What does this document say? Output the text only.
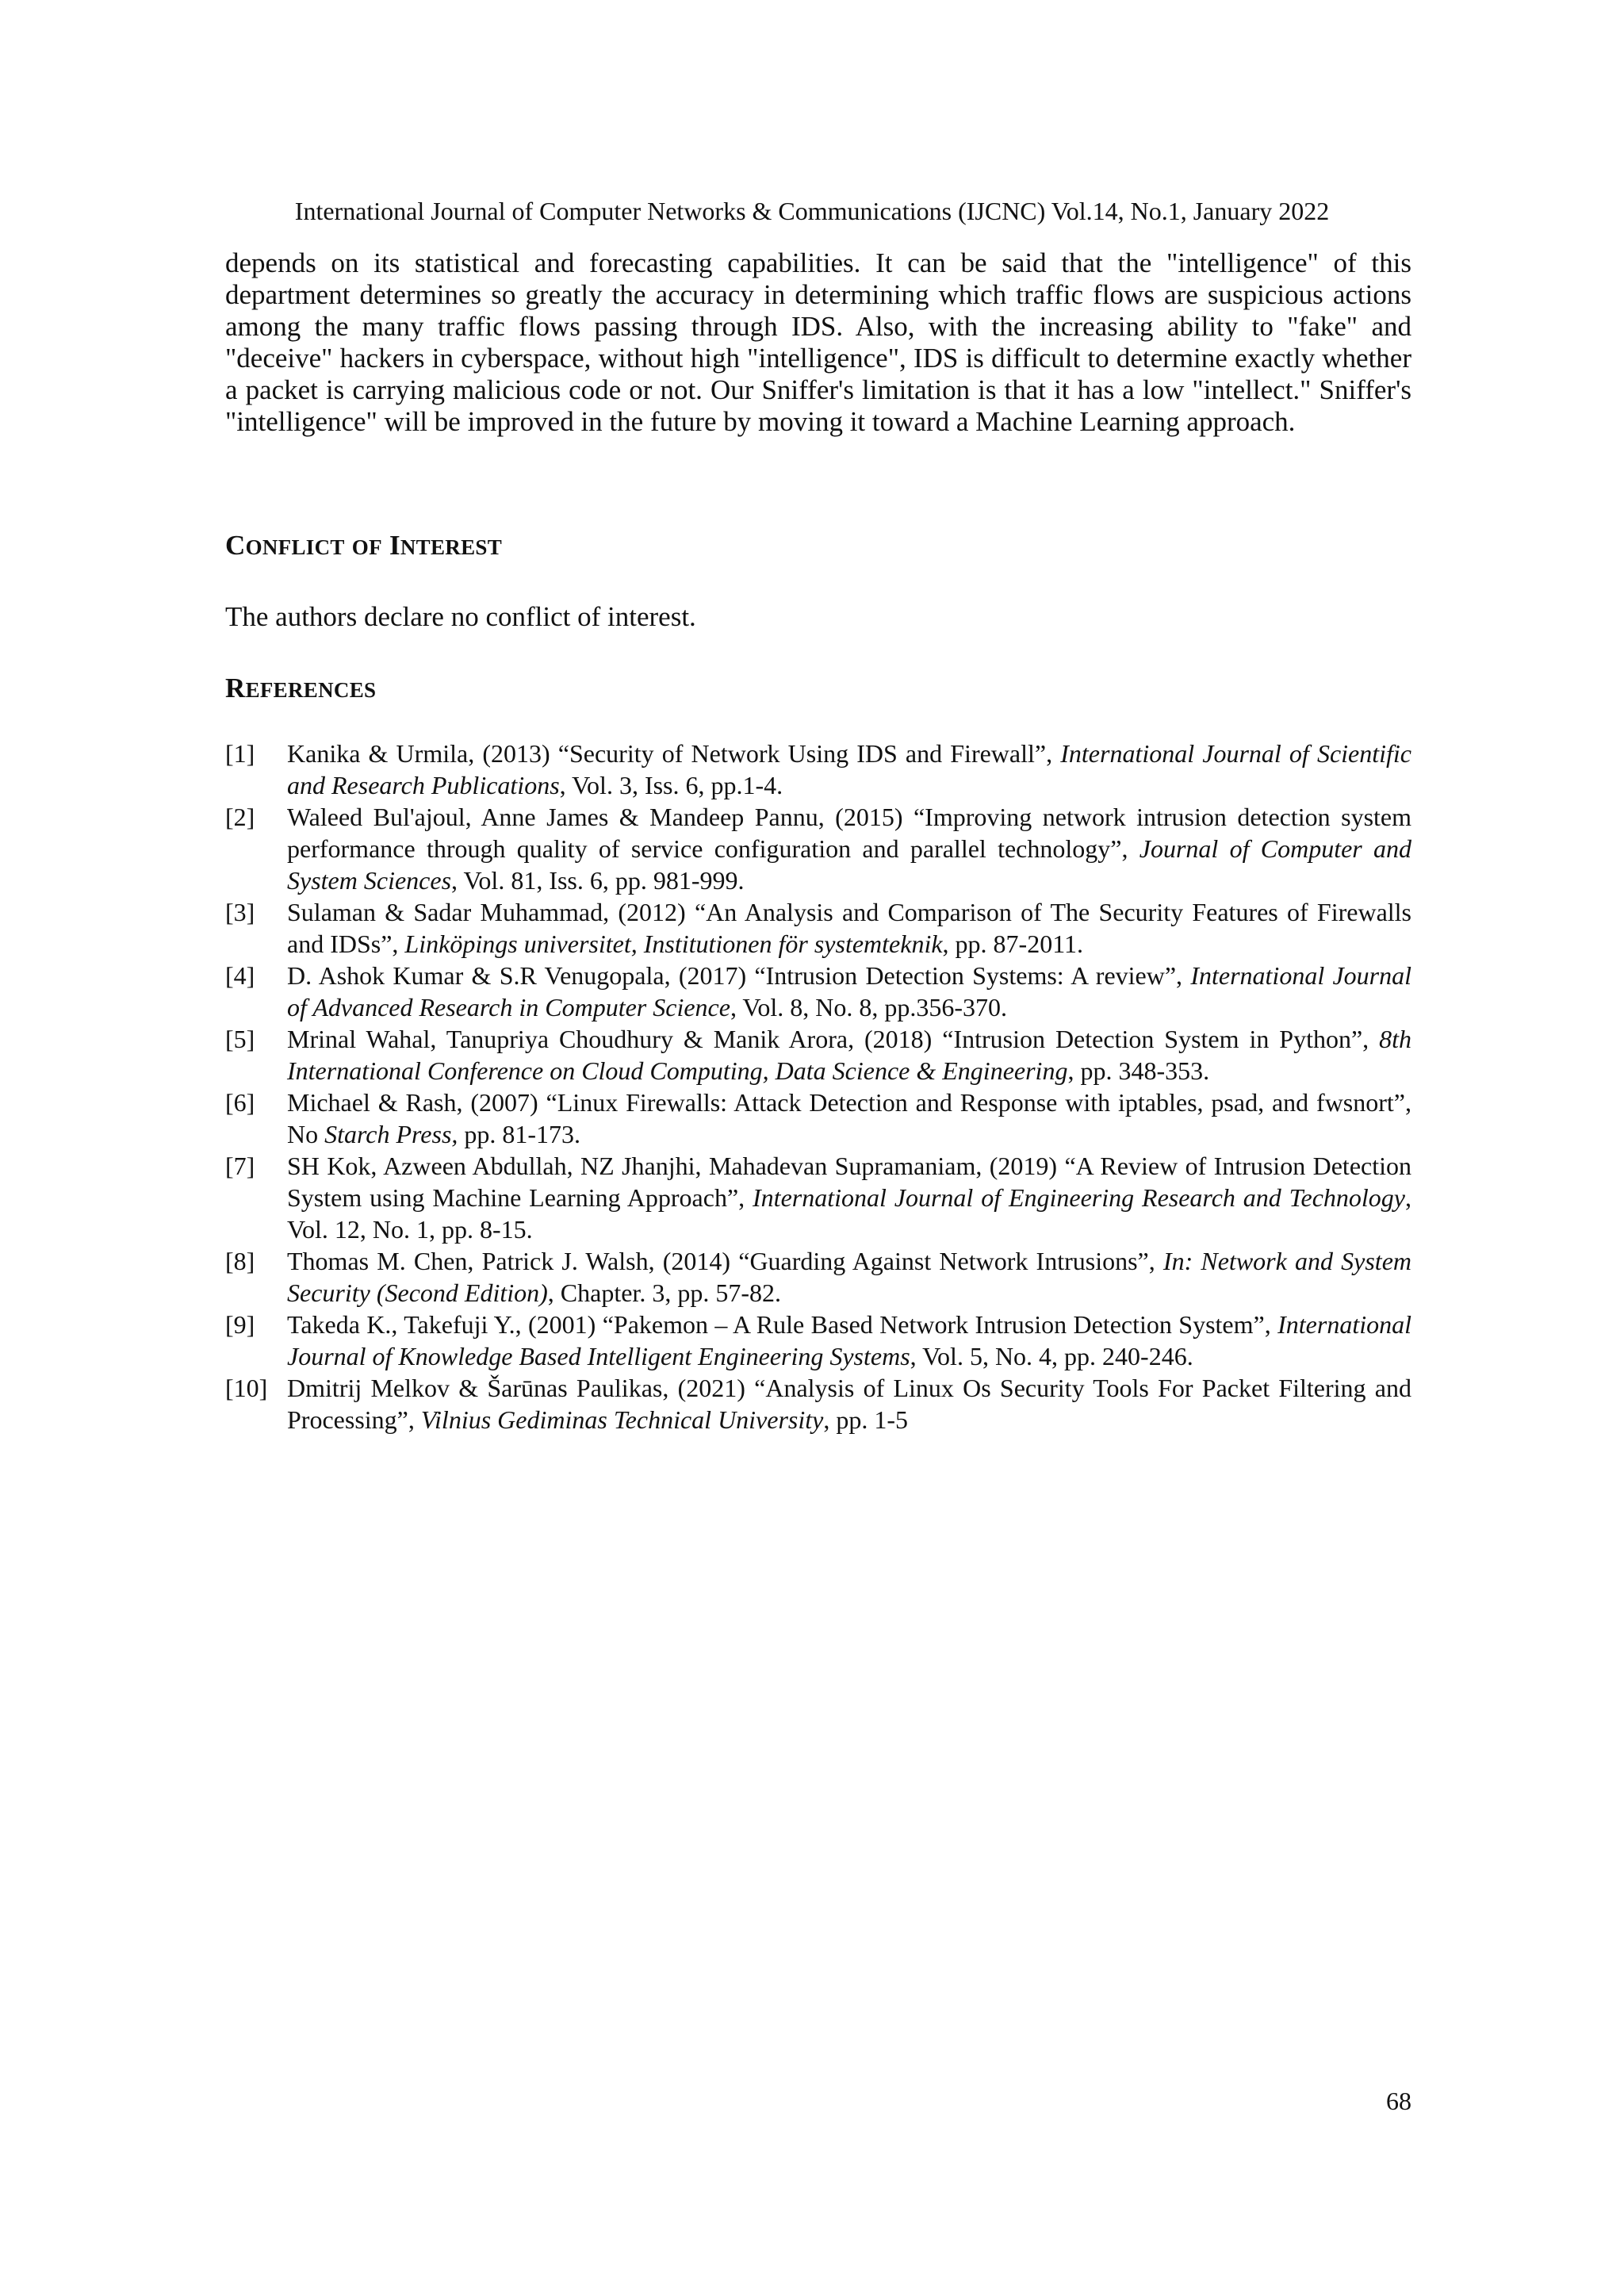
International Journal of Computer Networks & Communications (IJCNC) Vol.14, No.1, January 2022

depends on its statistical and forecasting capabilities. It can be said that the "intelligence" of this department determines so greatly the accuracy in determining which traffic flows are suspicious actions among the many traffic flows passing through IDS. Also, with the increasing ability to "fake" and "deceive" hackers in cyberspace, without high "intelligence", IDS is difficult to determine exactly whether a packet is carrying malicious code or not. Our Sniffer's limitation is that it has a low "intellect." Sniffer's "intelligence" will be improved in the future by moving it toward a Machine Learning approach.

CONFLICT OF INTEREST

The authors declare no conflict of interest.

REFERENCES
[1]	Kanika & Urmila, (2013) “Security of Network Using IDS and Firewall”, International Journal of Scientific and Research Publications, Vol. 3, Iss. 6, pp.1-4.
[2]	Waleed Bul'ajoul, Anne James & Mandeep Pannu, (2015) “Improving network intrusion detection system performance through quality of service configuration and parallel technology”, Journal of Computer and System Sciences, Vol. 81, Iss. 6, pp. 981-999.
[3]	Sulaman & Sadar Muhammad, (2012) “An Analysis and Comparison of The Security Features of Firewalls and IDSs”, Linköpings universitet, Institutionen för systemteknik, pp. 87-2011.
[4]	D. Ashok Kumar & S.R Venugopala, (2017) “Intrusion Detection Systems: A review”, International Journal of Advanced Research in Computer Science, Vol. 8, No. 8, pp.356-370.
[5]	Mrinal Wahal, Tanupriya Choudhury & Manik Arora, (2018) “Intrusion Detection System in Python”, 8th International Conference on Cloud Computing, Data Science & Engineering, pp. 348-353.
[6]	Michael & Rash, (2007) “Linux Firewalls: Attack Detection and Response with iptables, psad, and fwsnort”, No Starch Press, pp. 81-173.
[7]	SH Kok, Azween Abdullah, NZ Jhanjhi, Mahadevan Supramaniam, (2019) “A Review of Intrusion Detection System using Machine Learning Approach”, International Journal of Engineering Research and Technology, Vol. 12, No. 1, pp. 8-15.
[8]	Thomas M. Chen, Patrick J. Walsh, (2014) “Guarding Against Network Intrusions”, In: Network and System Security (Second Edition), Chapter. 3, pp. 57-82.
[9]	Takeda K., Takefuji Y., (2001) “Pakemon – A Rule Based Network Intrusion Detection System”, International Journal of Knowledge Based Intelligent Engineering Systems, Vol. 5, No. 4, pp. 240-246.
[10] Dmitrij Melkov & Šarūnas Paulikas, (2021) “Analysis of Linux Os Security Tools For Packet Filtering and Processing”, Vilnius Gediminas Technical University, pp. 1-5
68
